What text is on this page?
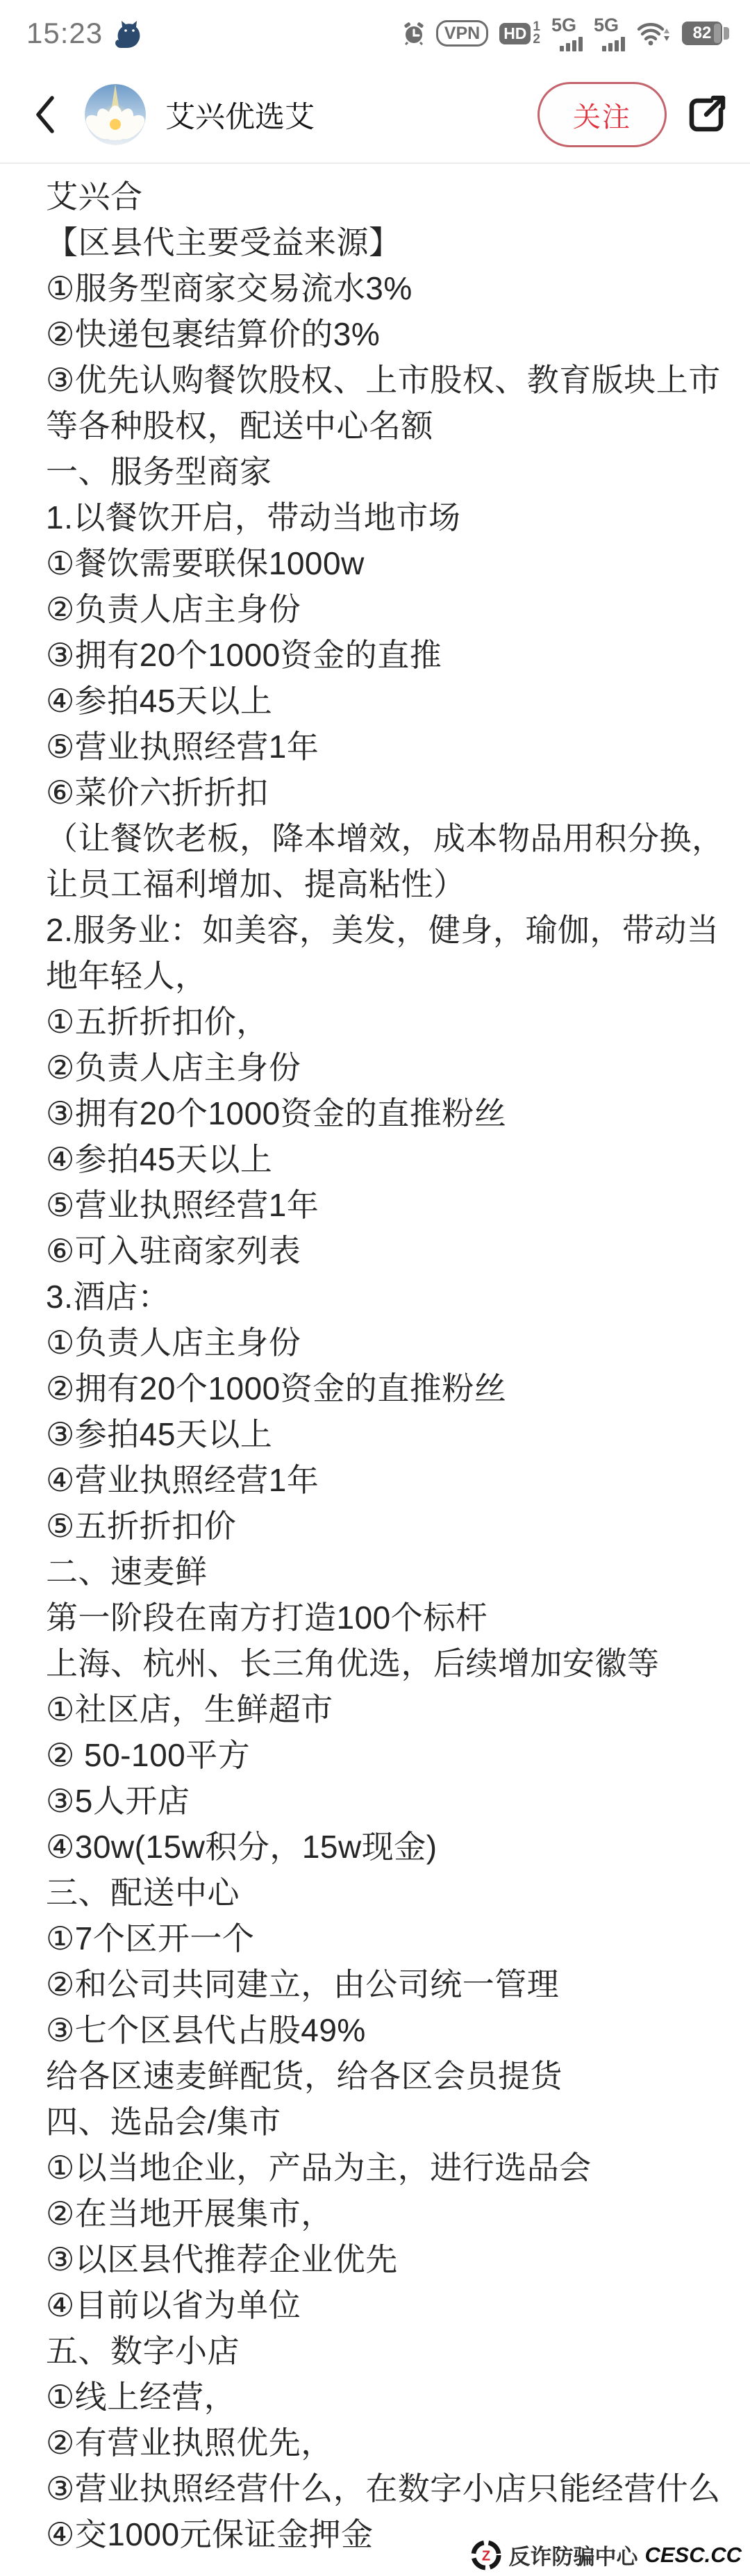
15:23	VPN	HD 1
2
5G 5G	82
艾兴优选艾	关注
艾兴合
【区县代主要受益来源】
①服务型商家交易流水3%
②快递包裹结算价的3%
③优先认购餐饮股权、上市股权、教育版块上市
等各种股权，配送中心名额
一、服务型商家
1.以餐饮开启，带动当地市场
①餐饮需要联保1000w
②负责人店主身份
③拥有20个1000资金的直推
④参拍45天以上
⑤营业执照经营1年
⑥菜价六折折扣
（让餐饮老板，降本增效，成本物品用积分换，
让员工福利增加、提高粘性）
2.服务业：如美容，美发，健身，瑜伽，带动当
地年轻人，
①五折折扣价，
②负责人店主身份
③拥有20个1000资金的直推粉丝
④参拍45天以上
⑤营业执照经营1年
⑥可入驻商家列表
3.酒店：
①负责人店主身份
②拥有20个1000资金的直推粉丝
③参拍45天以上
④营业执照经营1年
⑤五折折扣价
二、速麦鲜
第一阶段在南方打造100个标杆
上海、杭州、长三角优选，后续增加安徽等
①社区店，生鲜超市
② 50-100平方
③5人开店
④30w(15w积分，15w现金)
三、配送中心
①7个区开一个
②和公司共同建立，由公司统一管理
③七个区县代占股49%
给各区速麦鲜配货，给各区会员提货
四、选品会/集市
①以当地企业，产品为主，进行选品会
②在当地开展集市，
③以区县代推荐企业优先
④目前以省为单位
五、数字小店
①线上经营，
②有营业执照优先，
③营业执照经营什么，在数字小店只能经营什么
④交1000元保证金押金
Z 反诈防骗中心 CESC.CC
